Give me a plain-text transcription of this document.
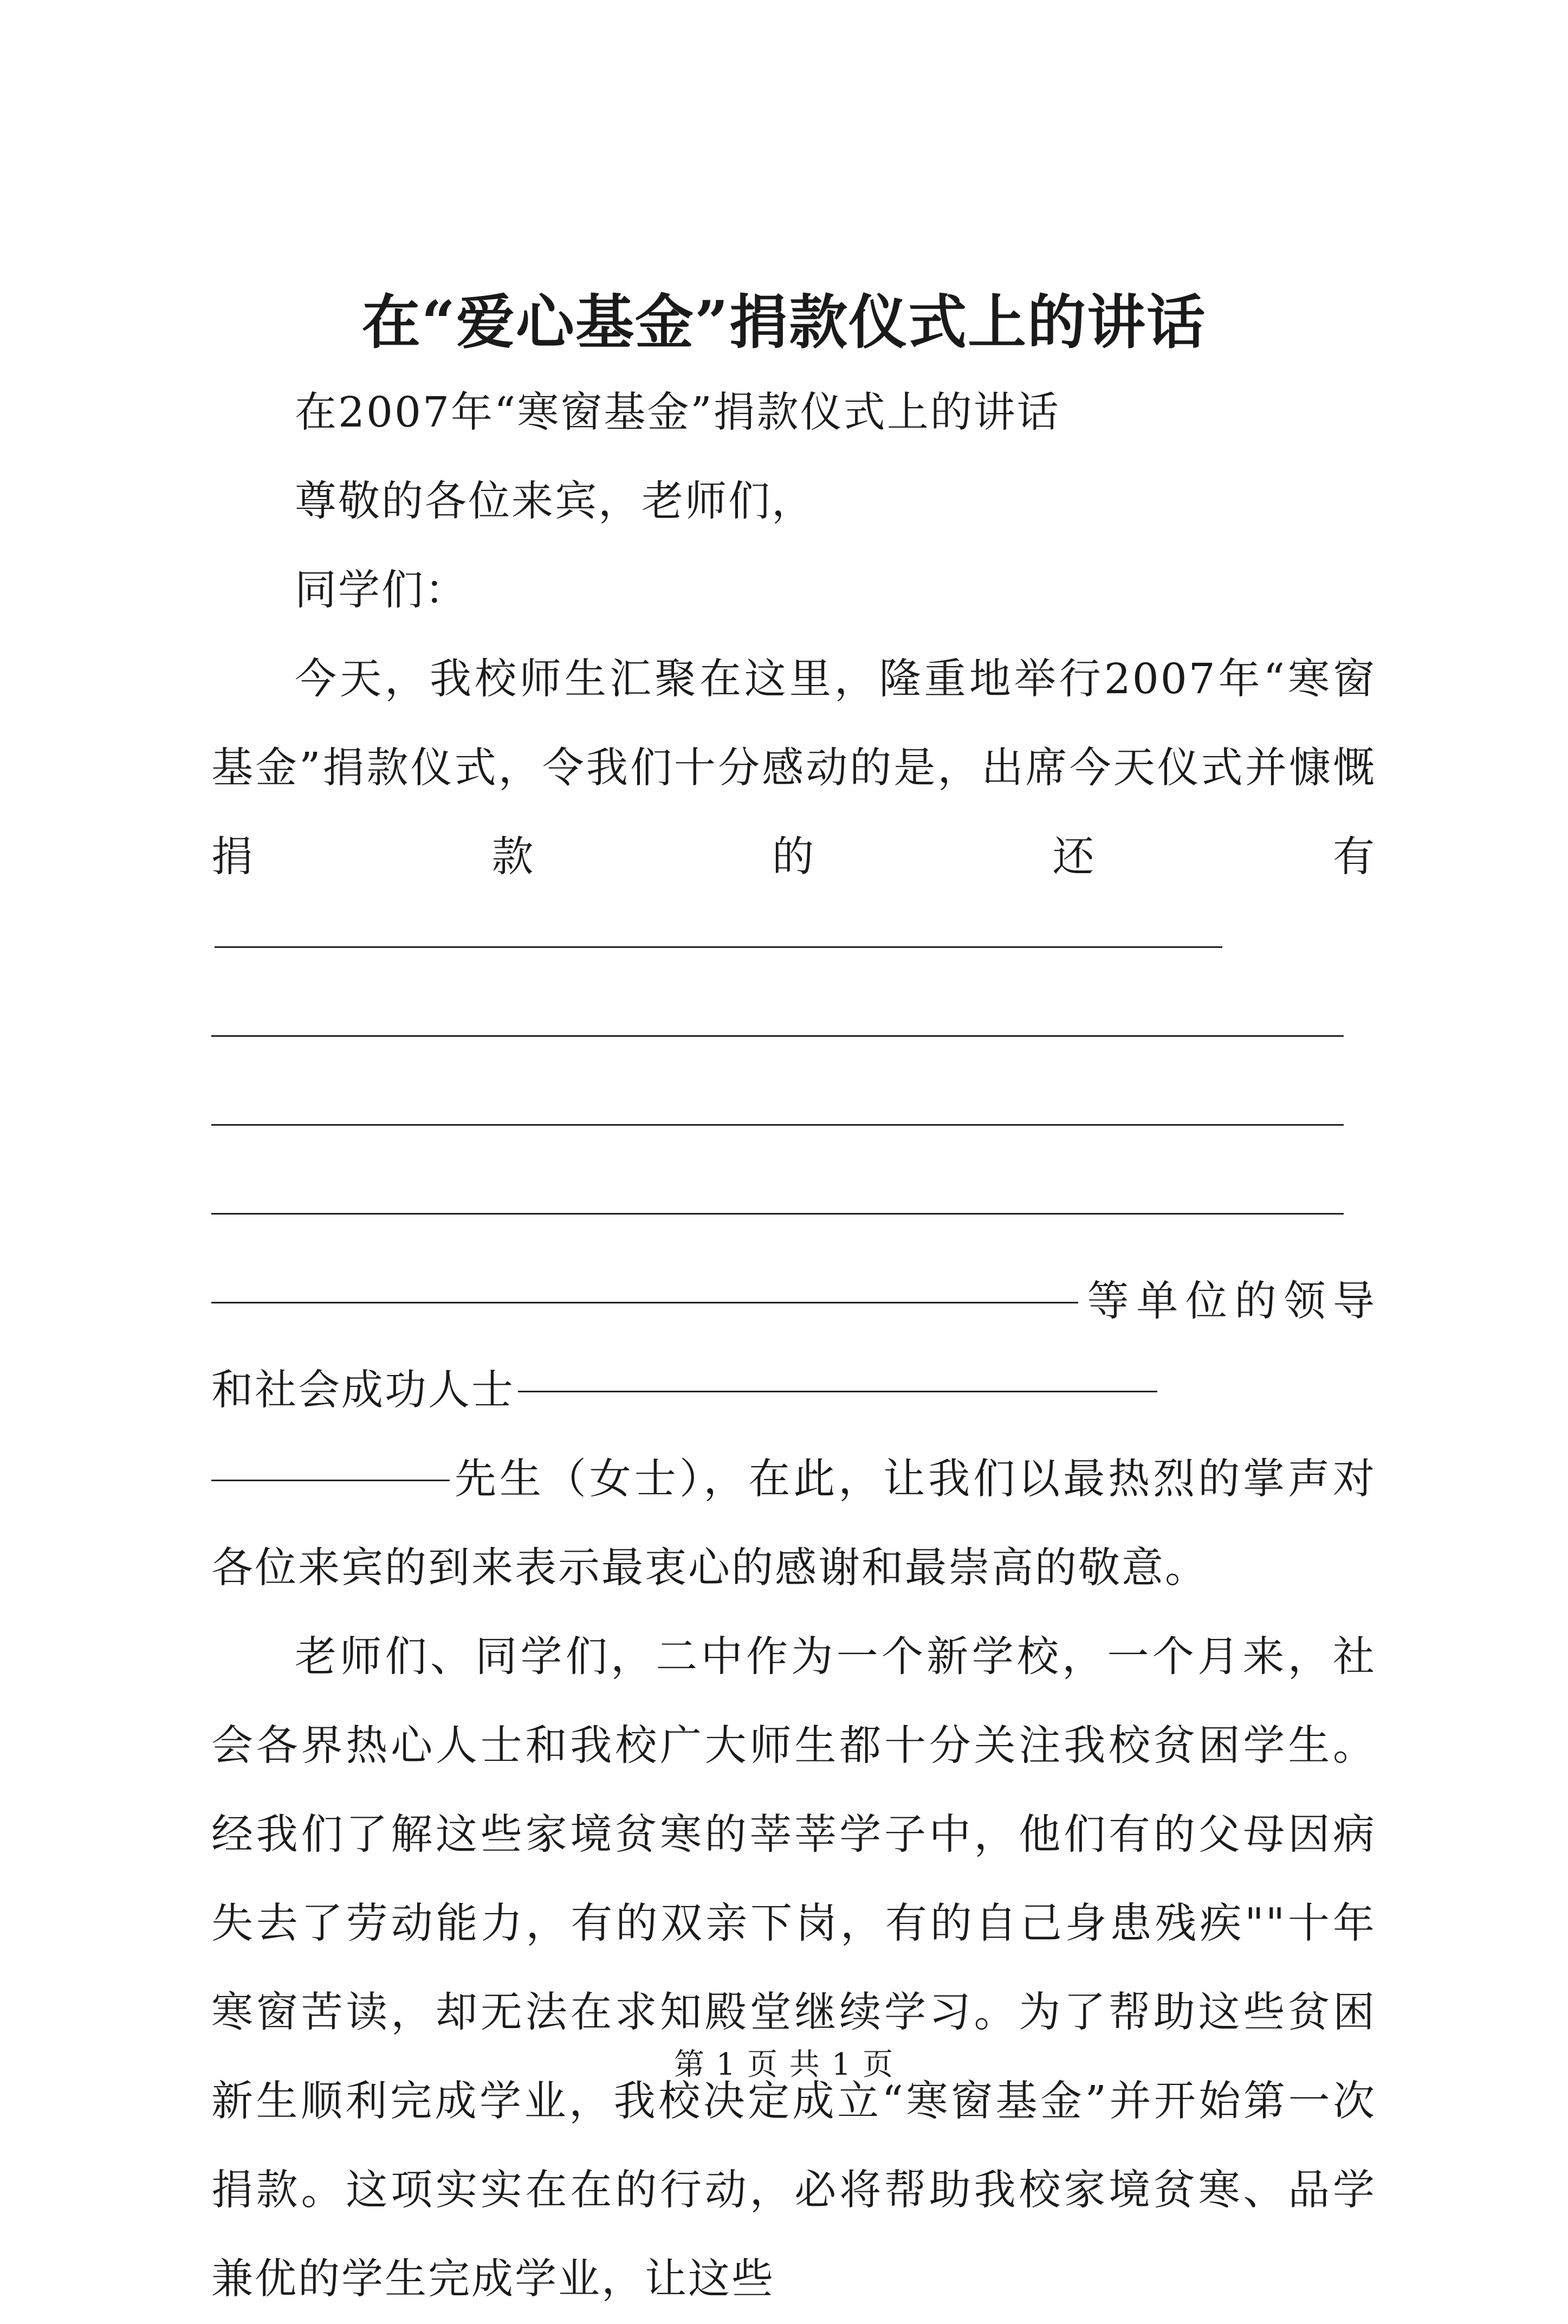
在“爱心基金”捐款仪式上的讲话

在2007年“寒窗基金”捐款仪式上的讲话

尊敬的各位来宾，老师们，

同学们：

今天，我校师生汇聚在这里，隆重地举行2007年“寒窗基金”捐款仪式，令我们十分感动的是，出席今天仪式并慷慨捐款的还有

等单位的领导和社会成功人士

先生（女士），在此，让我们以最热烈的掌声对各位来宾的到来表示最衷心的感谢和最崇高的敬意。

老师们、同学们，二中作为一个新学校，一个月来，社会各界热心人士和我校广大师生都十分关注我校贫困学生。经我们了解这些家境贫寒的莘莘学子中，他们有的父母因病失去了劳动能力，有的双亲下岗，有的自己身患残疾""十年寒窗苦读，却无法在求知殿堂继续学习。为了帮助这些贫困新生顺利完成学业，我校决定成立“寒窗基金”并开始第一次捐款。这项实实在在的行动，必将帮助我校家境贫寒、品学兼优的学生完成学业，让这些

第 1 页 共 1 页
